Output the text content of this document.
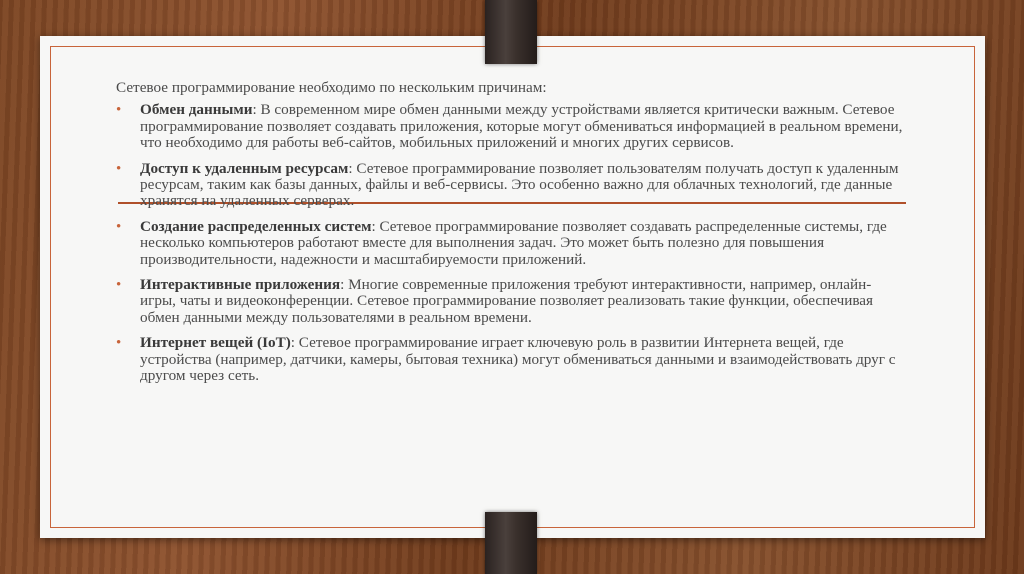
Сетевое программирование необходимо по нескольким причинам:

• Обмен данными: В современном мире обмен данными между устройствами является критически важным. Сетевое программирование позволяет создавать приложения, которые могут обмениваться информацией в реальном времени, что необходимо для работы веб-сайтов, мобильных приложений и многих других сервисов.
• Доступ к удаленным ресурсам: Сетевое программирование позволяет пользователям получать доступ к удаленным ресурсам, таким как базы данных, файлы и веб-сервисы. Это особенно важно для облачных технологий, где данные хранятся на удаленных серверах.
• Создание распределенных систем: Сетевое программирование позволяет создавать распределенные системы, где несколько компьютеров работают вместе для выполнения задач. Это может быть полезно для повышения производительности, надежности и масштабируемости приложений.
• Интерактивные приложения: Многие современные приложения требуют интерактивности, например, онлайн-игры, чаты и видеоконференции. Сетевое программирование позволяет реализовать такие функции, обеспечивая обмен данными между пользователями в реальном времени.
• Интернет вещей (IoT): Сетевое программирование играет ключевую роль в развитии Интернета вещей, где устройства (например, датчики, камеры, бытовая техника) могут обмениваться данными и взаимодействовать друг с другом через сеть.
